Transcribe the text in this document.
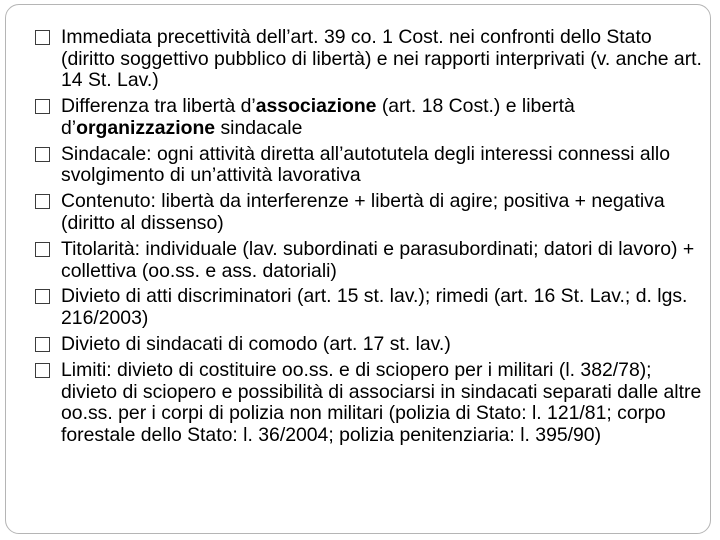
Immediata precettività dell’art. 39 co. 1 Cost. nei confronti dello Stato (diritto soggettivo pubblico di libertà) e nei rapporti interprivati (v. anche art. 14 St. Lav.)
Differenza tra libertà d’associazione (art. 18 Cost.) e libertà d’organizzazione sindacale
Sindacale: ogni attività diretta all’autotutela degli interessi connessi allo svolgimento di un’attività lavorativa
Contenuto: libertà da interferenze + libertà di agire; positiva + negativa (diritto al dissenso)
Titolarità: individuale (lav. subordinati e parasubordinati; datori di lavoro) + collettiva (oo.ss. e ass. datoriali)
Divieto di atti discriminatori (art. 15 st. lav.); rimedi (art. 16 St. Lav.; d. lgs. 216/2003)
Divieto di sindacati di comodo (art. 17 st. lav.)
Limiti: divieto di costituire oo.ss. e di sciopero per i militari (l. 382/78); divieto di sciopero e possibilità di associarsi in sindacati separati dalle altre oo.ss. per i corpi di polizia non militari (polizia di Stato: l. 121/81; corpo forestale dello Stato: l. 36/2004; polizia penitenziaria: l. 395/90)
